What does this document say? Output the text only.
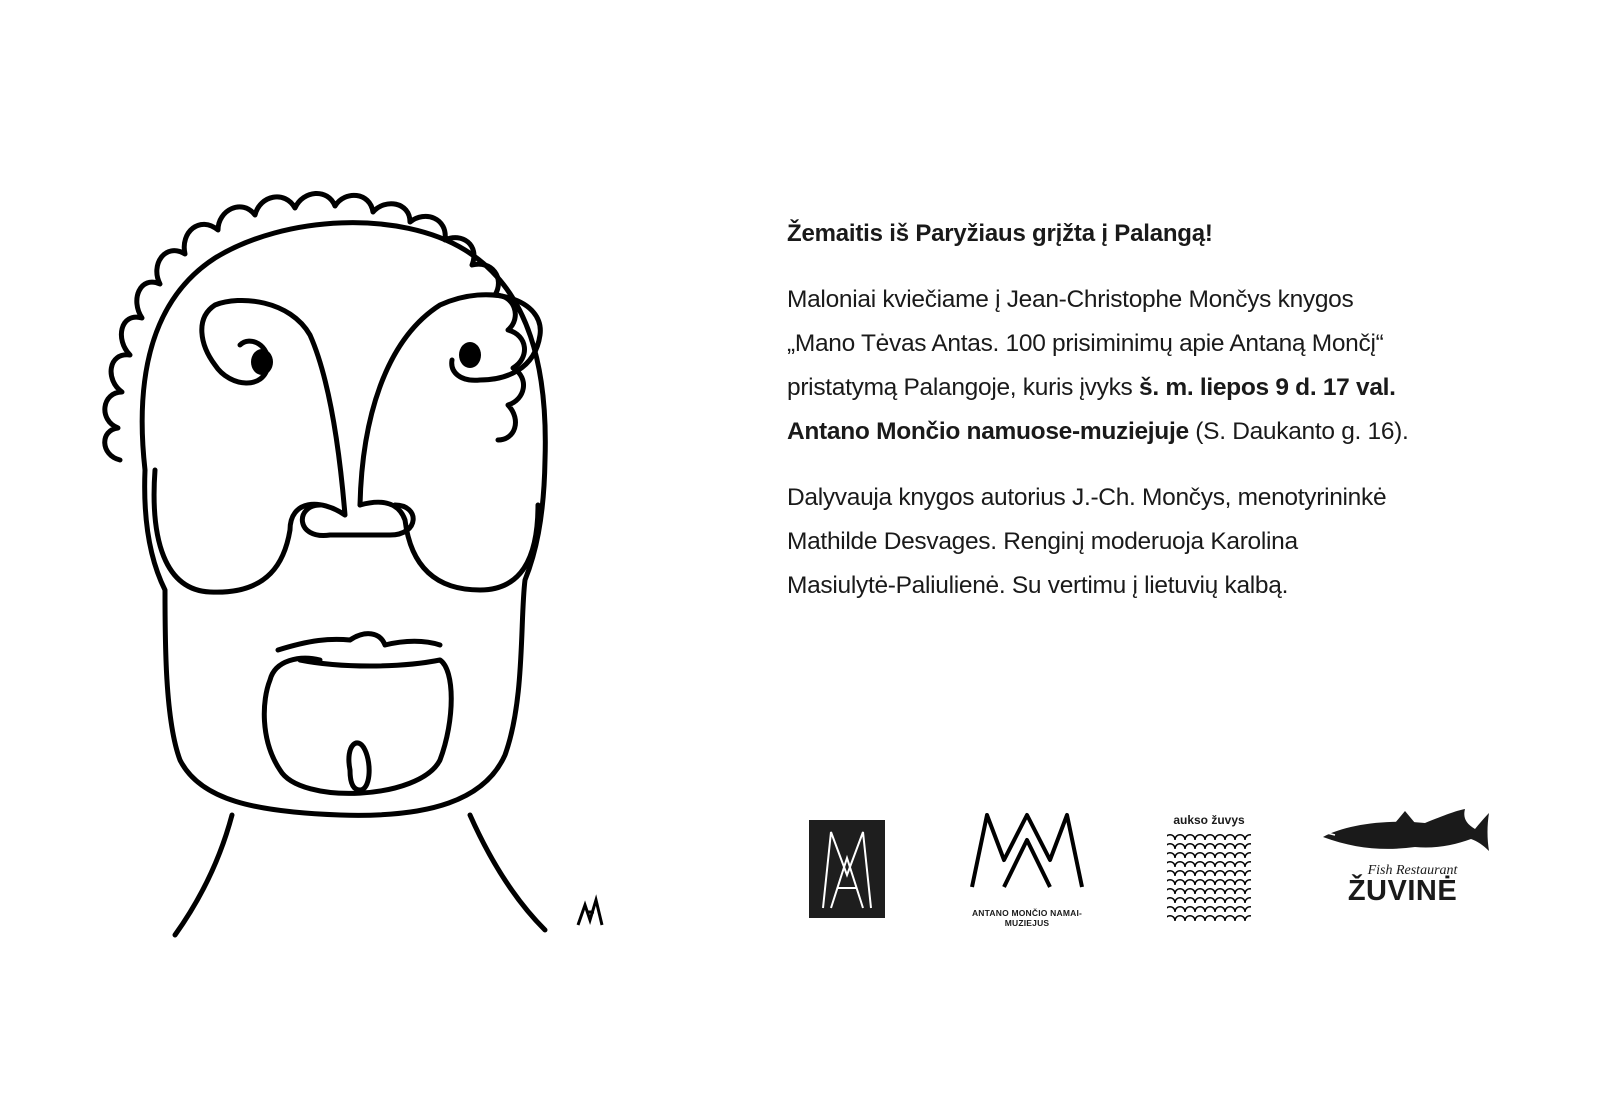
Žemaitis iš Paryžiaus grįžta į Palangą!

Maloniai kviečiame į Jean-Christophe Mončys knygos
„Mano Tėvas Antas. 100 prisiminimų apie Antaną Mončį“
pristatymą Palangoje, kuris įvyks š. m. liepos 9 d. 17 val.
Antano Mončio namuose-muziejuje (S. Daukanto g. 16).

Dalyvauja knygos autorius J.-Ch. Mončys, menotyrininkė
Mathilde Desvages. Renginį moderuoja Karolina
Masiulytė-Paliulienė. Su vertimu į lietuvių kalbą.

ANTANO MONČIO NAMAI-MUZIEJUS
aukso žuvys
Fish Restaurant
ŽUVINĖ
